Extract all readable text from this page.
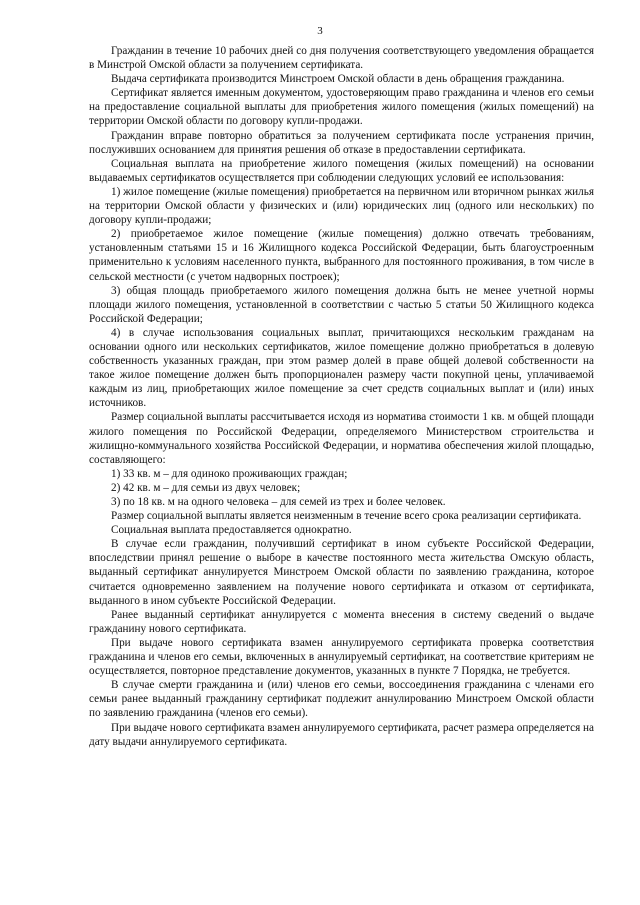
3

Гражданин в течение 10 рабочих дней со дня получения соответствующего уведомления обращается в Минстрой Омской области за получением сертификата.

Выдача сертификата производится Минстроем Омской области в день обращения гражданина.

Сертификат является именным документом, удостоверяющим право гражданина и членов его семьи на предоставление социальной выплаты для приобретения жилого помещения (жилых помещений) на территории Омской области по договору купли-продажи.

Гражданин вправе повторно обратиться за получением сертификата после устранения причин, послуживших основанием для принятия решения об отказе в предоставлении сертификата.

Социальная выплата на приобретение жилого помещения (жилых помещений) на основании выдаваемых сертификатов осуществляется при соблюдении следующих условий ее использования:

1) жилое помещение (жилые помещения) приобретается на первичном или вторичном рынках жилья на территории Омской области у физических и (или) юридических лиц (одного или нескольких) по договору купли-продажи;

2) приобретаемое жилое помещение (жилые помещения) должно отвечать требованиям, установленным статьями 15 и 16 Жилищного кодекса Российской Федерации, быть благоустроенным применительно к условиям населенного пункта, выбранного для постоянного проживания, в том числе в сельской местности (с учетом надворных построек);

3) общая площадь приобретаемого жилого помещения должна быть не менее учетной нормы площади жилого помещения, установленной в соответствии с частью 5 статьи 50 Жилищного кодекса Российской Федерации;

4) в случае использования социальных выплат, причитающихся нескольким гражданам на основании одного или нескольких сертификатов, жилое помещение должно приобретаться в долевую собственность указанных граждан, при этом размер долей в праве общей долевой собственности на такое жилое помещение должен быть пропорционален размеру части покупной цены, уплачиваемой каждым из лиц, приобретающих жилое помещение за счет средств социальных выплат и (или) иных источников.

Размер социальной выплаты рассчитывается исходя из норматива стоимости 1 кв. м общей площади жилого помещения по Российской Федерации, определяемого Министерством строительства и жилищно-коммунального хозяйства Российской Федерации, и норматива обеспечения жилой площадью, составляющего:

1) 33 кв. м – для одиноко проживающих граждан;

2) 42 кв. м – для семьи из двух человек;

3) по 18 кв. м на одного человека – для семей из трех и более человек.

Размер социальной выплаты является неизменным в течение всего срока реализации сертификата.

Социальная выплата предоставляется однократно.

В случае если гражданин, получивший сертификат в ином субъекте Российской Федерации, впоследствии принял решение о выборе в качестве постоянного места жительства Омскую область, выданный сертификат аннулируется Минстроем Омской области по заявлению гражданина, которое считается одновременно заявлением на получение нового сертификата и отказом от сертификата, выданного в ином субъекте Российской Федерации.

Ранее выданный сертификат аннулируется с момента внесения в систему сведений о выдаче гражданину нового сертификата.

При выдаче нового сертификата взамен аннулируемого сертификата проверка соответствия гражданина и членов его семьи, включенных в аннулируемый сертификат, на соответствие критериям не осуществляется, повторное представление документов, указанных в пункте 7 Порядка, не требуется.

В случае смерти гражданина и (или) членов его семьи, воссоединения гражданина с членами его семьи ранее выданный гражданину сертификат подлежит аннулированию Минстроем Омской области по заявлению гражданина (членов его семьи).

При выдаче нового сертификата взамен аннулируемого сертификата, расчет размера определяется на дату выдачи аннулируемого сертификата.
